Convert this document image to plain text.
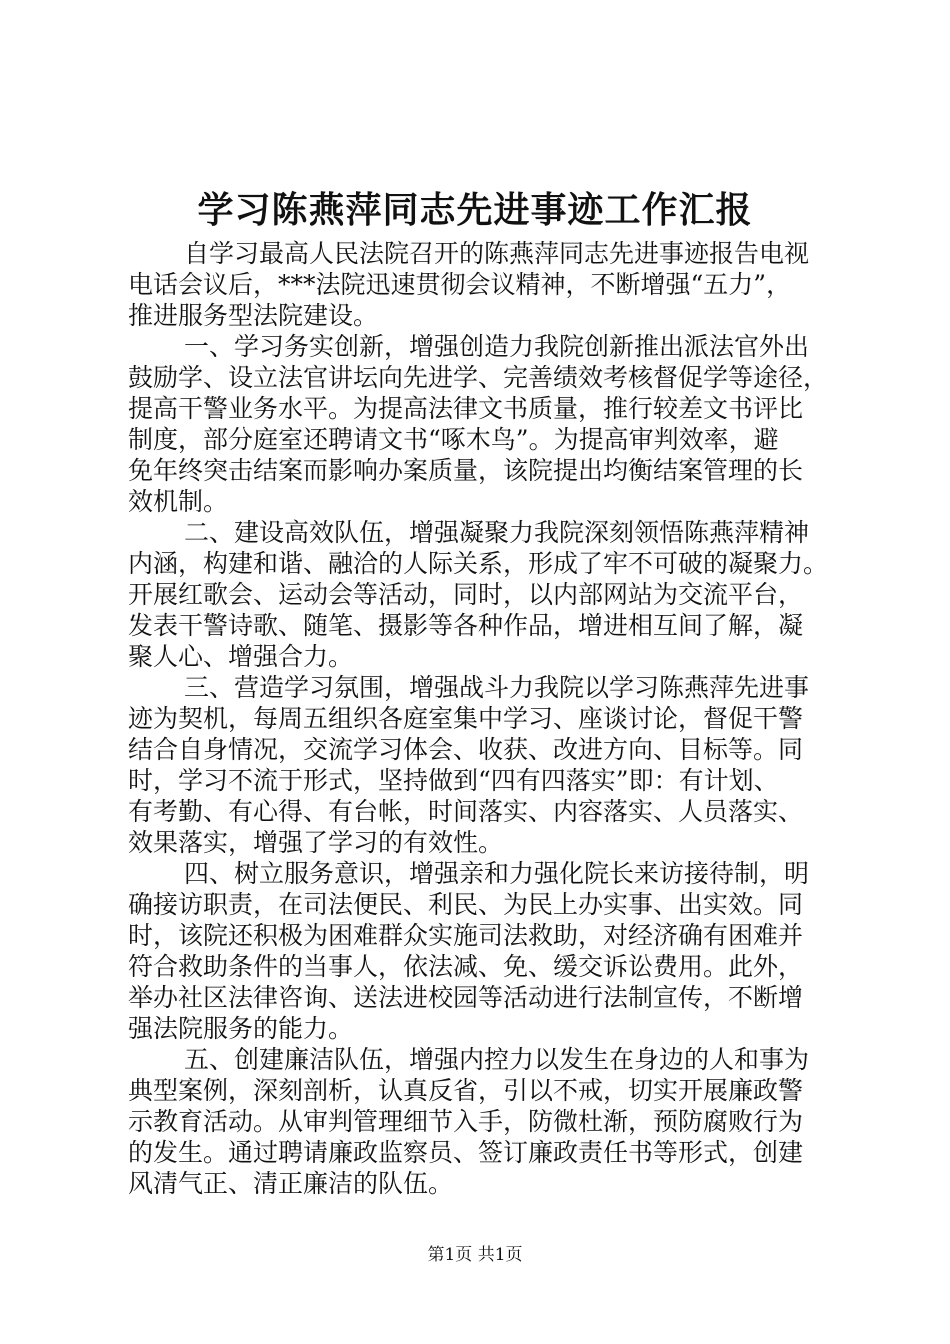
学习陈燕萍同志先进事迹工作汇报
自学习最高人民法院召开的陈燕萍同志先进事迹报告电视
电话会议后，***法院迅速贯彻会议精神，不断增强“五力”，
推进服务型法院建设。
一、学习务实创新，增强创造力我院创新推出派法官外出
鼓励学、设立法官讲坛向先进学、完善绩效考核督促学等途径，
提高干警业务水平。为提高法律文书质量，推行较差文书评比
制度，部分庭室还聘请文书“啄木鸟”。为提高审判效率，避
免年终突击结案而影响办案质量，该院提出均衡结案管理的长
效机制。
二、建设高效队伍，增强凝聚力我院深刻领悟陈燕萍精神
内涵，构建和谐、融洽的人际关系，形成了牢不可破的凝聚力。
开展红歌会、运动会等活动，同时，以内部网站为交流平台，
发表干警诗歌、随笔、摄影等各种作品，增进相互间了解，凝
聚人心、增强合力。
三、营造学习氛围，增强战斗力我院以学习陈燕萍先进事
迹为契机，每周五组织各庭室集中学习、座谈讨论，督促干警
结合自身情况，交流学习体会、收获、改进方向、目标等。同
时，学习不流于形式，坚持做到“四有四落实”即：有计划、
有考勤、有心得、有台帐，时间落实、内容落实、人员落实、
效果落实，增强了学习的有效性。
四、树立服务意识，增强亲和力强化院长来访接待制，明
确接访职责，在司法便民、利民、为民上办实事、出实效。同
时，该院还积极为困难群众实施司法救助，对经济确有困难并
符合救助条件的当事人，依法减、免、缓交诉讼费用。此外，
举办社区法律咨询、送法进校园等活动进行法制宣传，不断增
强法院服务的能力。
五、创建廉洁队伍，增强内控力以发生在身边的人和事为
典型案例，深刻剖析，认真反省，引以不戒，切实开展廉政警
示教育活动。从审判管理细节入手，防微杜渐，预防腐败行为
的发生。通过聘请廉政监察员、签订廉政责任书等形式，创建
风清气正、清正廉洁的队伍。
第1页 共1页
